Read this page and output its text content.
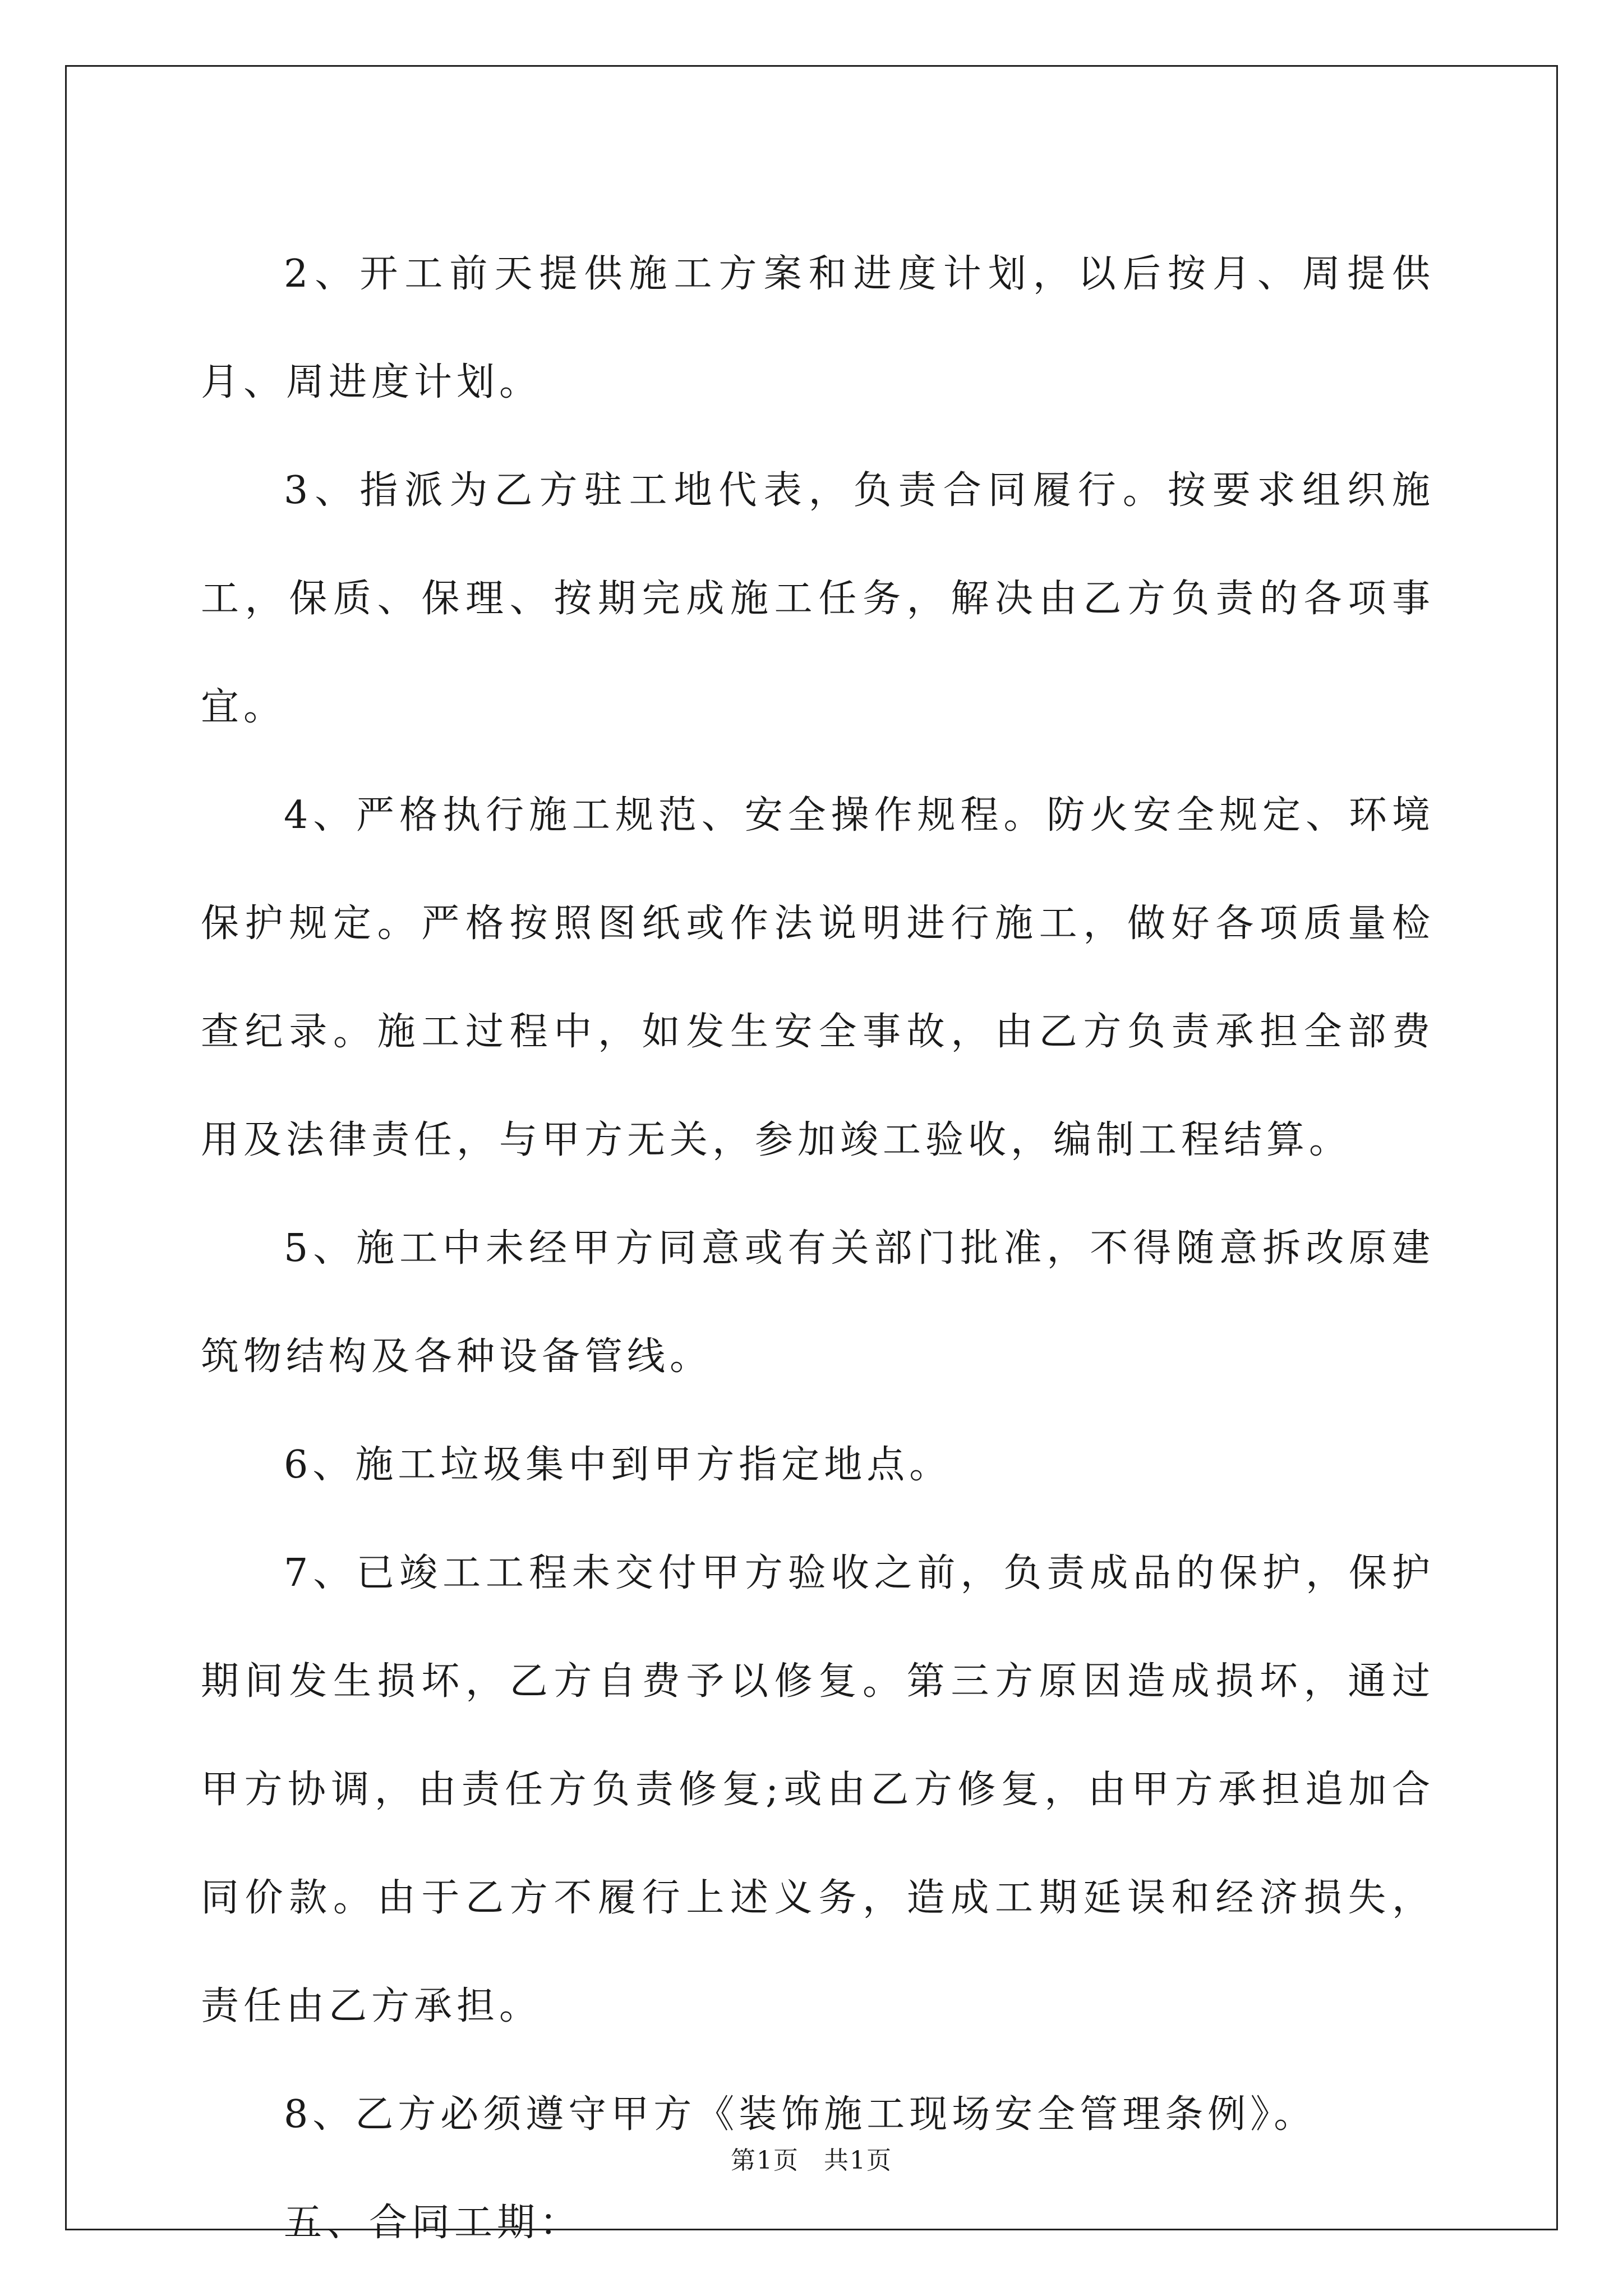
2、开工前天提供施工方案和进度计划，以后按月、周提供月、周进度计划。

3、指派为乙方驻工地代表，负责合同履行。按要求组织施工，保质、保理、按期完成施工任务，解决由乙方负责的各项事宜。

4、严格执行施工规范、安全操作规程。防火安全规定、环境保护规定。严格按照图纸或作法说明进行施工，做好各项质量检查纪录。施工过程中，如发生安全事故，由乙方负责承担全部费用及法律责任，与甲方无关，参加竣工验收，编制工程结算。

5、施工中未经甲方同意或有关部门批准，不得随意拆改原建筑物结构及各种设备管线。

6、施工垃圾集中到甲方指定地点。

7、已竣工工程未交付甲方验收之前，负责成品的保护，保护期间发生损坏，乙方自费予以修复。第三方原因造成损坏，通过甲方协调，由责任方负责修复;或由乙方修复，由甲方承担追加合同价款。由于乙方不履行上述义务，造成工期延误和经济损失，责任由乙方承担。

8、乙方必须遵守甲方《装饰施工现场安全管理条例》。

五、合同工期：

第1页 共1页
